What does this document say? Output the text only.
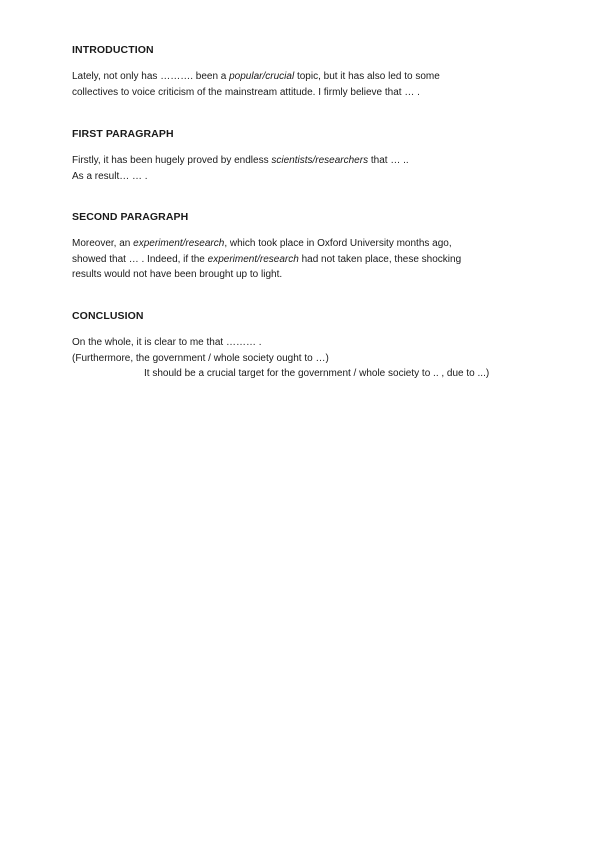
INTRODUCTION

Lately, not only has ………. been a popular/crucial topic, but it has also led to some
collectives to voice criticism of the mainstream attitude. I firmly believe that … .

FIRST PARAGRAPH

Firstly, it has been hugely proved by endless scientists/researchers that … ..
As a result… … .

SECOND PARAGRAPH

Moreover, an experiment/research, which took place in Oxford University months ago,
showed that … . Indeed, if the experiment/research had not taken place, these shocking
results would not have been brought up to light.

CONCLUSION

On the whole, it is clear to me that ……… .
(Furthermore, the government / whole society ought to …)
It should be a crucial target for the government / whole society to .. , due to ...)
